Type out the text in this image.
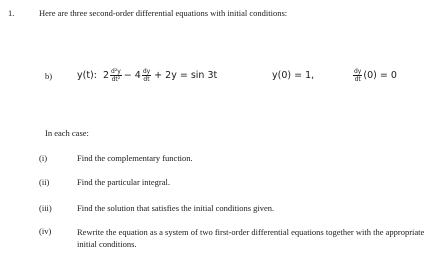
1.	Here are three second-order differential equations with initial conditions:
b)	y(t): $2 \frac{\text{d²y}}{\text{dt²}} - 4 \frac{dy}{dt} + 2y = \sin 3t$	y(0) = 1,	$\frac{dy}{dt} (0) = 0$
In each case:
(i)	Find the complementary function.
(ii)	Find the particular integral.
(iii)	Find the solution that satisfies the initial conditions given.
(iv)	Rewrite the equation as a system of two first-order differential equations together with the appropriate initial conditions.
